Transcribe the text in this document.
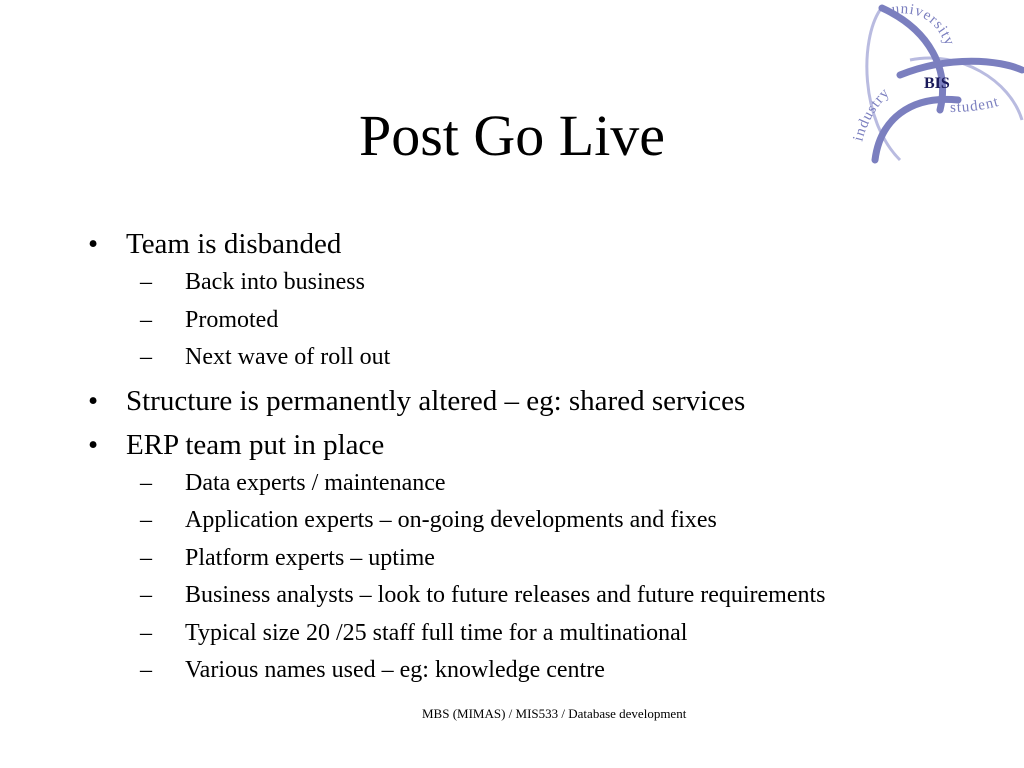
BIS
university
student
industry
Post Go Live
• Team is disbanded
– Back into business
– Promoted
– Next wave of roll out
• Structure is permanently altered – eg: shared services
• ERP team put in place
– Data experts / maintenance
– Application experts – on-going developments and fixes
– Platform experts – uptime
– Business analysts – look to future releases and future requirements
– Typical size 20 /25 staff full time for a multinational
– Various names used – eg: knowledge centre
MBS (MIMAS) / MIS533 / Database development
